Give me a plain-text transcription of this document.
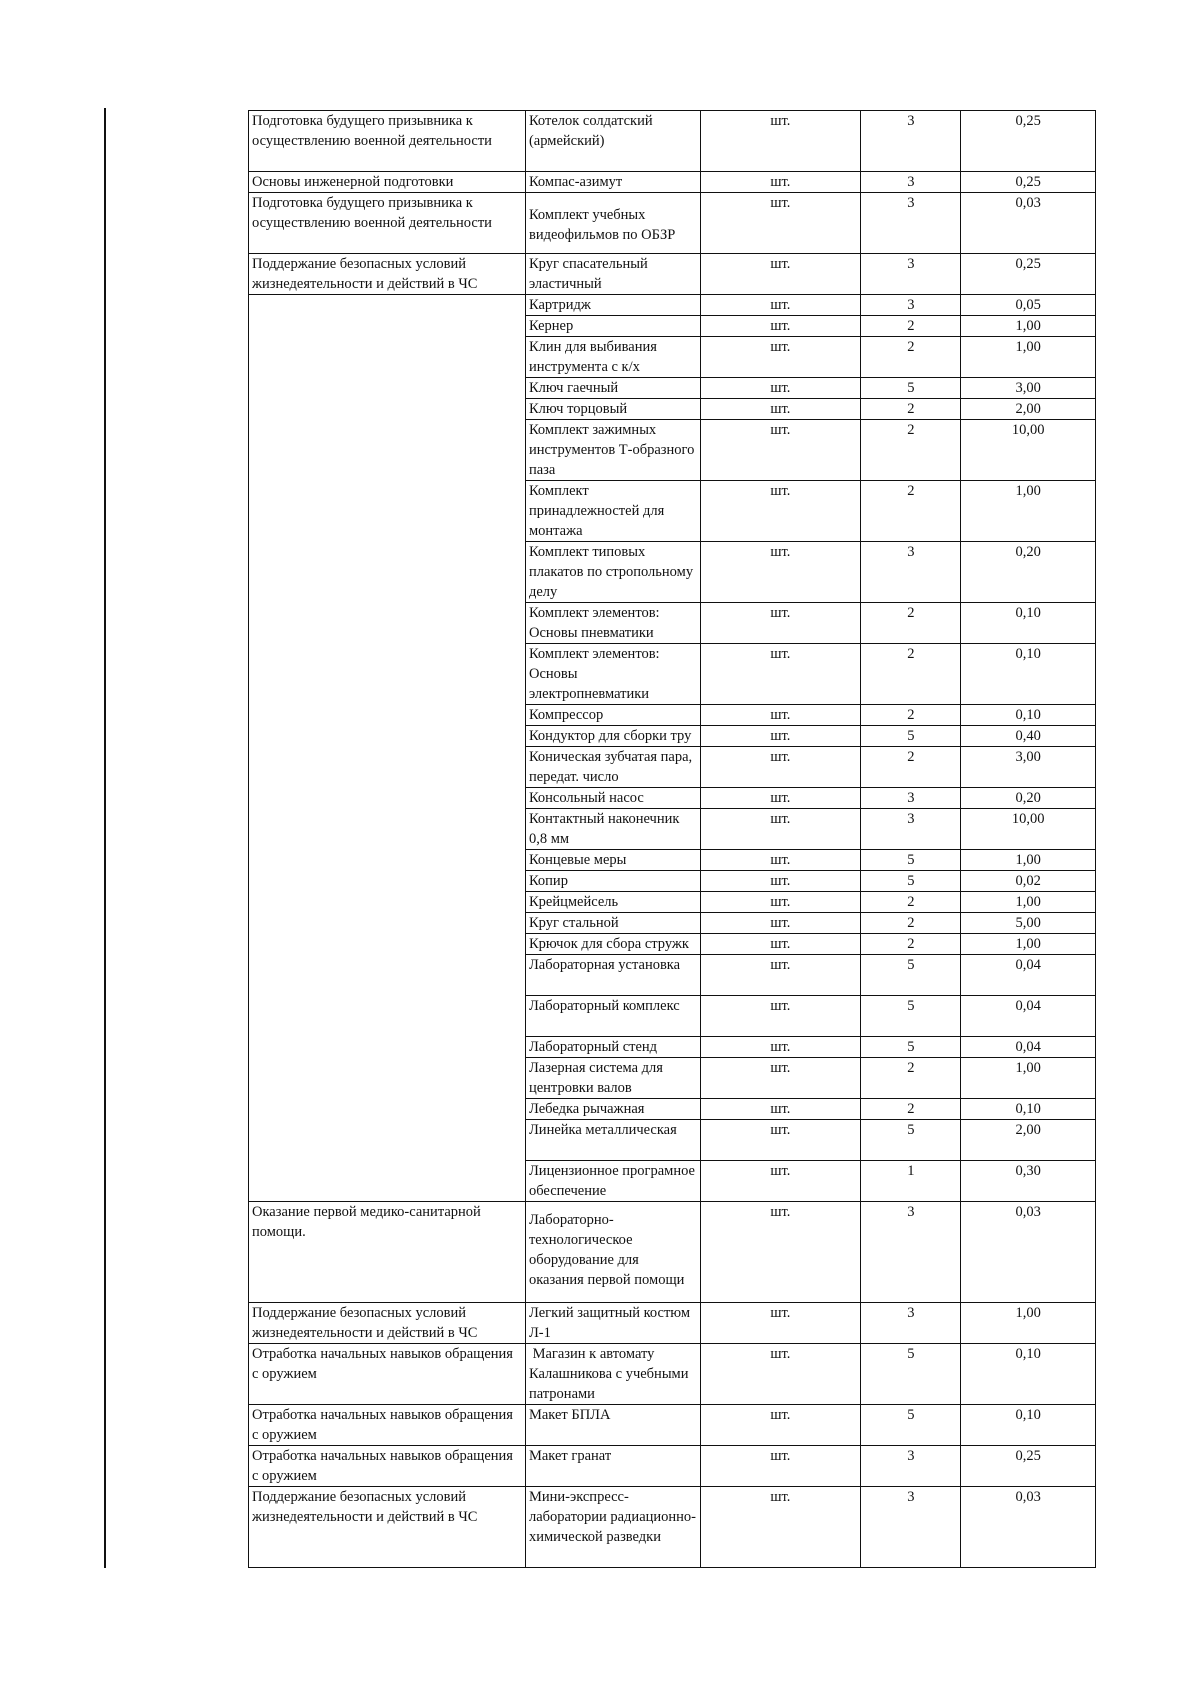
Подготовка будущего призывника к осуществлению военной деятельности	Котелок солдатский (армейский)	шт.	3	0,25
Основы инженерной подготовки	Компас-азимут	шт.	3	0,25
Подготовка будущего призывника к осуществлению военной деятельности	Комплект учебных видеофильмов по ОБЗР	шт.	3	0,03
Поддержание безопасных условий жизнедеятельности и действий в ЧС	Круг спасательный эластичный	шт.	3	0,25
	Картридж	шт.	3	0,05
	Кернер	шт.	2	1,00
	Клин для выбивания инструмента с к/х	шт.	2	1,00
	Ключ гаечный	шт.	5	3,00
	Ключ торцовый	шт.	2	2,00
	Комплект зажимных инструментов Т-образного паза	шт.	2	10,00
	Комплект принадлежностей для монтажа	шт.	2	1,00
	Комплект типовых плакатов по стропольному делу	шт.	3	0,20
	Комплект элементов: Основы пневматики	шт.	2	0,10
	Комплект элементов: Основы электропневматики	шт.	2	0,10
	Компрессор	шт.	2	0,10
	Кондуктор для сборки тру	шт.	5	0,40
	Коническая зубчатая пара, передат. число	шт.	2	3,00
	Консольный насос	шт.	3	0,20
	Контактный наконечник 0,8 мм	шт.	3	10,00
	Концевые меры	шт.	5	1,00
	Копир	шт.	5	0,02
	Крейцмейсель	шт.	2	1,00
	Круг стальной	шт.	2	5,00
	Крючок для сбора стружк	шт.	2	1,00
	Лабораторная установка	шт.	5	0,04
	Лабораторный комплекс	шт.	5	0,04
	Лабораторный стенд	шт.	5	0,04
	Лазерная система для центровки валов	шт.	2	1,00
	Лебедка рычажная	шт.	2	0,10
	Линейка металлическая	шт.	5	2,00
	Лицензионное програмное обеспечение	шт.	1	0,30
Оказание первой медико-санитарной помощи.	Лабораторно-технологическое оборудование для оказания первой помощи	шт.	3	0,03
Поддержание безопасных условий жизнедеятельности и действий в ЧС	Легкий защитный костюм Л-1	шт.	3	1,00
Отработка начальных навыков обращения с оружием	Магазин к автомату Калашникова с учебными патронами	шт.	5	0,10
Отработка начальных навыков обращения с оружием	Макет БПЛА	шт.	5	0,10
Отработка начальных навыков обращения с оружием	Макет гранат	шт.	3	0,25
Поддержание безопасных условий жизнедеятельности и действий в ЧС	Мини-экспресс-лаборатории радиационно-химической разведки	шт.	3	0,03
